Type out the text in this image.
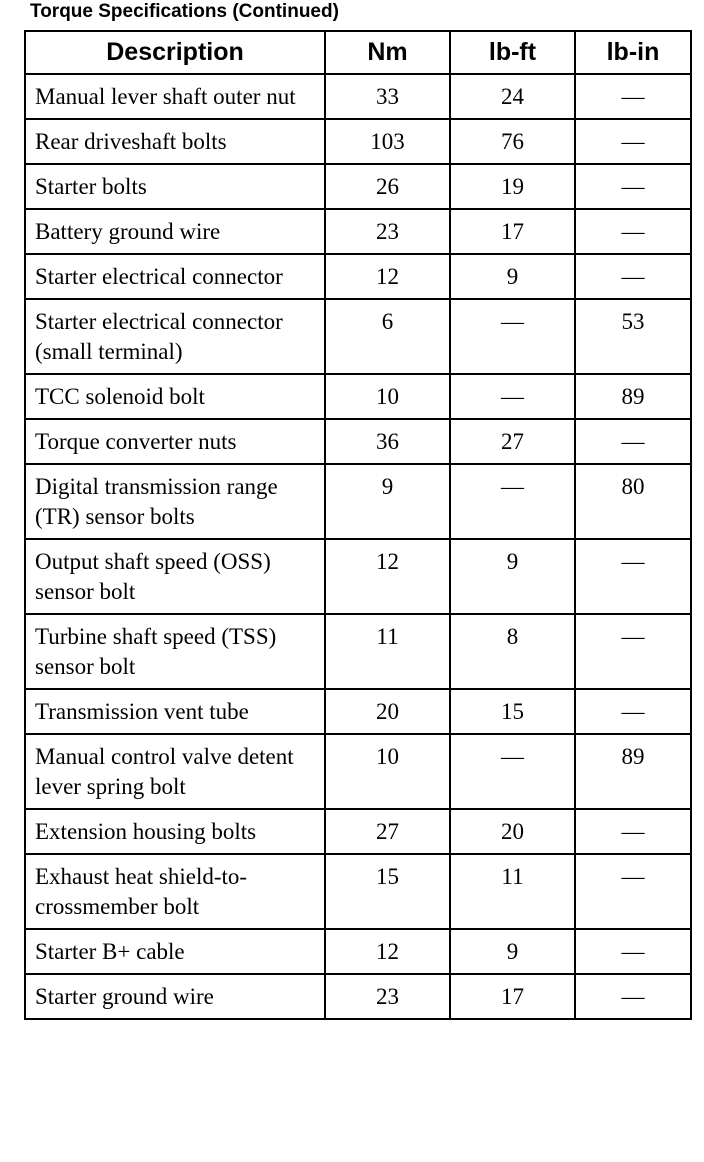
Torque Specifications (Continued)
Description	Nm	lb-ft	lb-in
Manual lever shaft outer nut	33	24	—
Rear driveshaft bolts	103	76	—
Starter bolts	26	19	—
Battery ground wire	23	17	—
Starter electrical connector	12	9	—
Starter electrical connector (small terminal)	6	—	53
TCC solenoid bolt	10	—	89
Torque converter nuts	36	27	—
Digital transmission range (TR) sensor bolts	9	—	80
Output shaft speed (OSS) sensor bolt	12	9	—
Turbine shaft speed (TSS) sensor bolt	11	8	—
Transmission vent tube	20	15	—
Manual control valve detent lever spring bolt	10	—	89
Extension housing bolts	27	20	—
Exhaust heat shield-to-crossmember bolt	15	11	—
Starter B+ cable	12	9	—
Starter ground wire	23	17	—
